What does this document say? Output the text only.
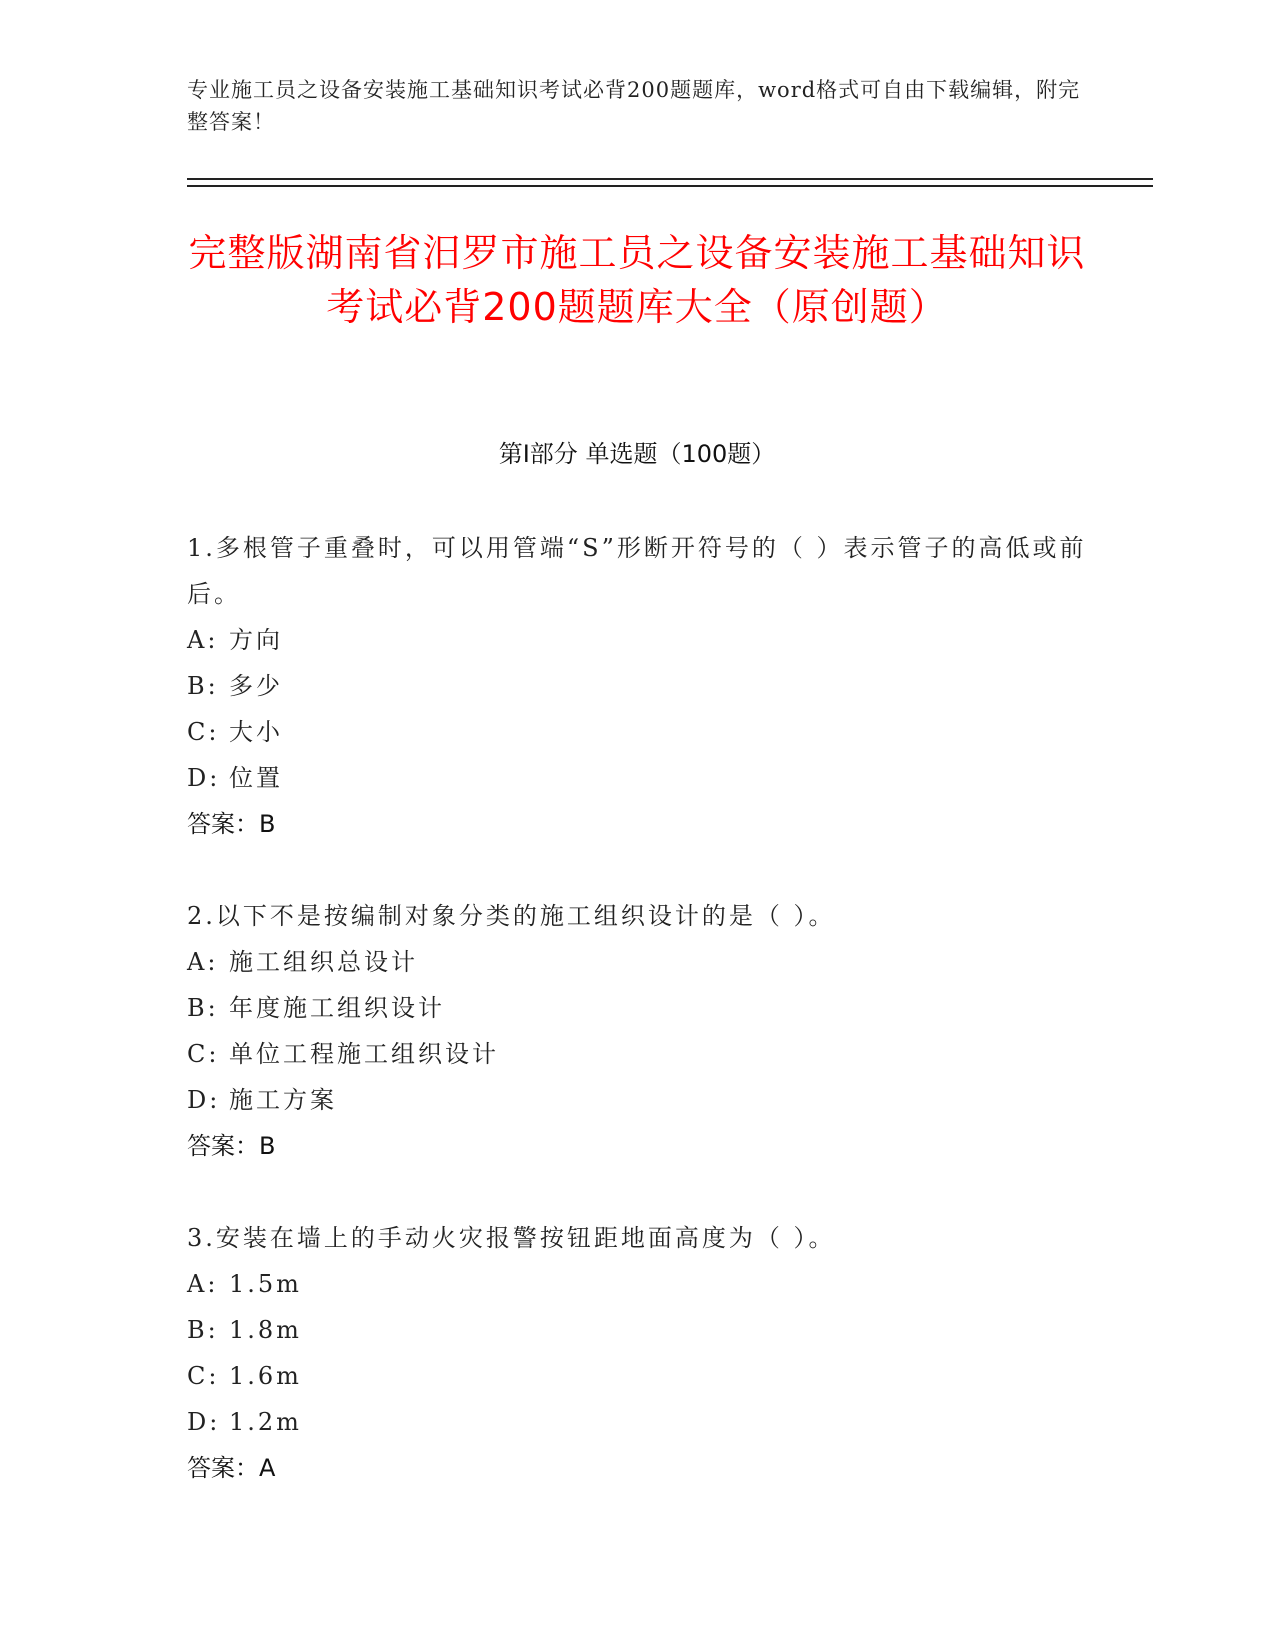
专业施工员之设备安装施工基础知识考试必背200题题库，word格式可自由下载编辑，附完整答案！
完整版湖南省汨罗市施工员之设备安装施工基础知识考试必背200题题库大全（原创题）
第Ⅰ部分 单选题（100题）

1.多根管子重叠时，可以用管端“S”形断开符号的（ ）表示管子的高低或前后。

A: 方向

B: 多少

C: 大小

D: 位置

答案：B

2.以下不是按编制对象分类的施工组织设计的是（ ）。

A: 施工组织总设计

B: 年度施工组织设计

C: 单位工程施工组织设计

D: 施工方案

答案：B

3.安装在墙上的手动火灾报警按钮距地面高度为（ ）。

A: 1.5m

B: 1.8m

C: 1.6m

D: 1.2m

答案：A
